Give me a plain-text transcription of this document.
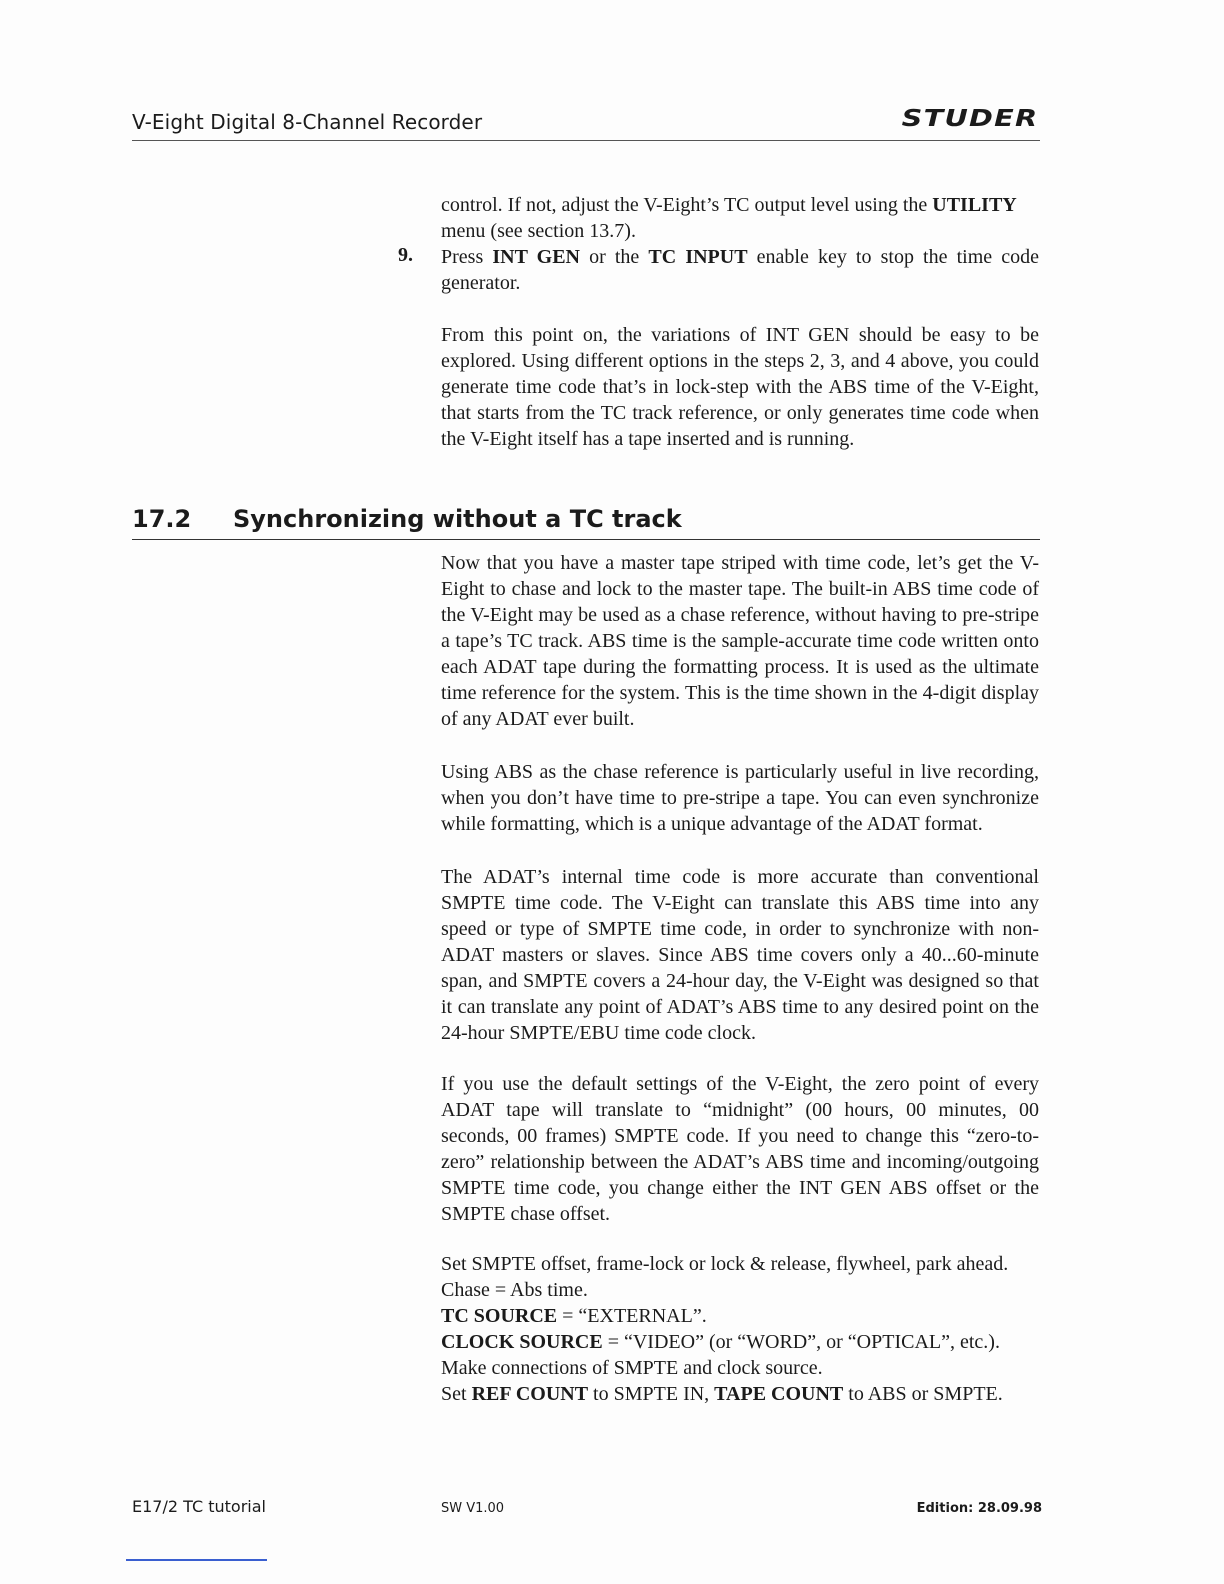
V-Eight Digital 8-Channel Recorder	STUDER

control. If not, adjust the V-Eight’s TC output level using the UTILITY
menu (see section 13.7).

9. Press INT GEN or the TC INPUT enable key to stop the time code generator.

From this point on, the variations of INT GEN should be easy to be explored. Using different options in the steps 2, 3, and 4 above, you could generate time code that’s in lock-step with the ABS time of the V-Eight, that starts from the TC track reference, or only generates time code when the V-Eight itself has a tape inserted and is running.

17.2 Synchronizing without a TC track

Now that you have a master tape striped with time code, let’s get the V-Eight to chase and lock to the master tape. The built-in ABS time code of the V-Eight may be used as a chase reference, without having to pre-stripe a tape’s TC track. ABS time is the sample-accurate time code written onto each ADAT tape during the formatting process. It is used as the ultimate time reference for the system. This is the time shown in the 4-digit display of any ADAT ever built.

Using ABS as the chase reference is particularly useful in live recording, when you don’t have time to pre-stripe a tape. You can even synchronize while formatting, which is a unique advantage of the ADAT format.

The ADAT’s internal time code is more accurate than conventional SMPTE time code. The V-Eight can translate this ABS time into any speed or type of SMPTE time code, in order to synchronize with non-ADAT masters or slaves. Since ABS time covers only a 40...60-minute span, and SMPTE covers a 24-hour day, the V-Eight was designed so that it can translate any point of ADAT’s ABS time to any desired point on the 24-hour SMPTE/EBU time code clock.

If you use the default settings of the V-Eight, the zero point of every ADAT tape will translate to “midnight” (00 hours, 00 minutes, 00 seconds, 00 frames) SMPTE code. If you need to change this “zero-to-zero” relationship between the ADAT’s ABS time and incoming/outgoing SMPTE time code, you change either the INT GEN ABS offset or the SMPTE chase offset.

Set SMPTE offset, frame-lock or lock & release, flywheel, park ahead.

Chase = Abs time.

TC SOURCE = “EXTERNAL”.

CLOCK SOURCE = “VIDEO” (or “WORD”, or “OPTICAL”, etc.).

Make connections of SMPTE and clock source.

Set REF COUNT to SMPTE IN, TAPE COUNT to ABS or SMPTE.

E17/2 TC tutorial	SW V1.00	Edition: 28.09.98
